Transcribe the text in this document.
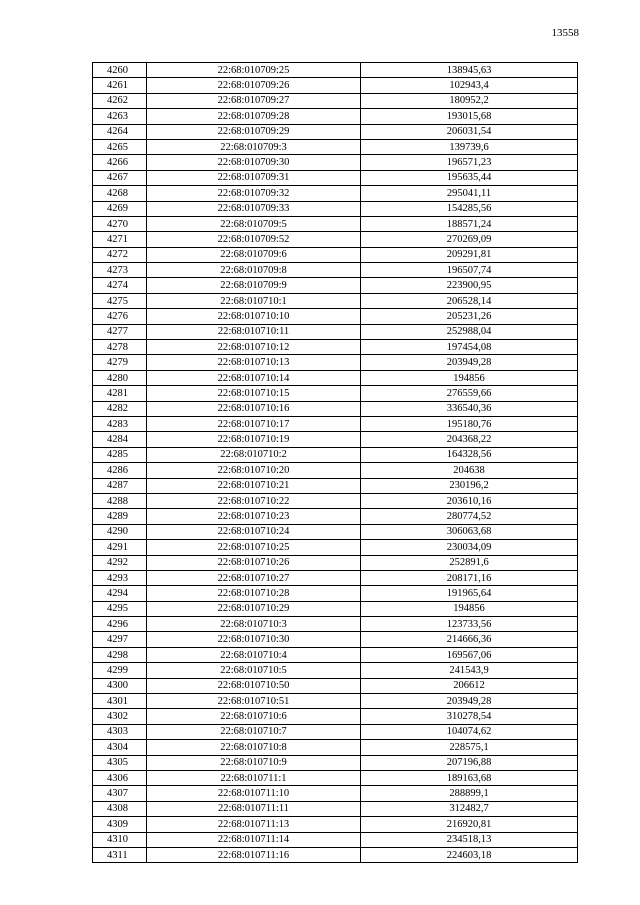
13558
4260	22:68:010709:25	138945,63
4261	22:68:010709:26	102943,4
4262	22:68:010709:27	180952,2
4263	22:68:010709:28	193015,68
4264	22:68:010709:29	206031,54
4265	22:68:010709:3	139739,6
4266	22:68:010709:30	196571,23
4267	22:68:010709:31	195635,44
4268	22:68:010709:32	295041,11
4269	22:68:010709:33	154285,56
4270	22:68:010709:5	188571,24
4271	22:68:010709:52	270269,09
4272	22:68:010709:6	209291,81
4273	22:68:010709:8	196507,74
4274	22:68:010709:9	223900,95
4275	22:68:010710:1	206528,14
4276	22:68:010710:10	205231,26
4277	22:68:010710:11	252988,04
4278	22:68:010710:12	197454,08
4279	22:68:010710:13	203949,28
4280	22:68:010710:14	194856
4281	22:68:010710:15	276559,66
4282	22:68:010710:16	336540,36
4283	22:68:010710:17	195180,76
4284	22:68:010710:19	204368,22
4285	22:68:010710:2	164328,56
4286	22:68:010710:20	204638
4287	22:68:010710:21	230196,2
4288	22:68:010710:22	203610,16
4289	22:68:010710:23	280774,52
4290	22:68:010710:24	306063,68
4291	22:68:010710:25	230034,09
4292	22:68:010710:26	252891,6
4293	22:68:010710:27	208171,16
4294	22:68:010710:28	191965,64
4295	22:68:010710:29	194856
4296	22:68:010710:3	123733,56
4297	22:68:010710:30	214666,36
4298	22:68:010710:4	169567,06
4299	22:68:010710:5	241543,9
4300	22:68:010710:50	206612
4301	22:68:010710:51	203949,28
4302	22:68:010710:6	310278,54
4303	22:68:010710:7	104074,62
4304	22:68:010710:8	228575,1
4305	22:68:010710:9	207196,88
4306	22:68:010711:1	189163,68
4307	22:68:010711:10	288899,1
4308	22:68:010711:11	312482,7
4309	22:68:010711:13	216920,81
4310	22:68:010711:14	234518,13
4311	22:68:010711:16	224603,18
